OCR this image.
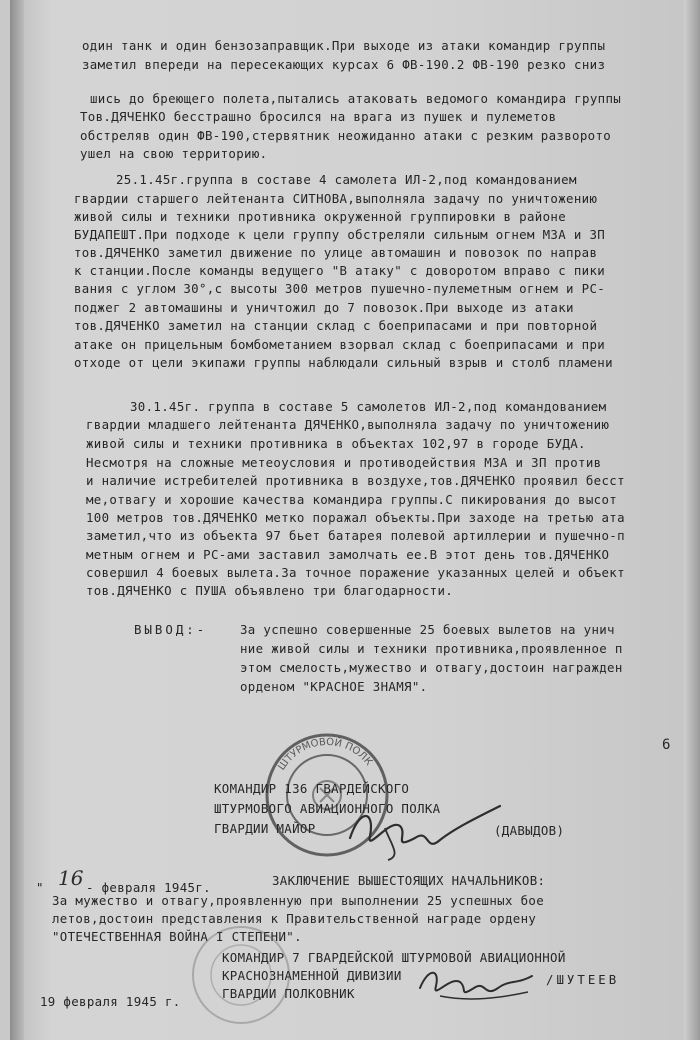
один танк и один бензозаправщик.При выходе из атаки командир группы
заметил впереди на пересекающих курсах 6 ФВ-190.2 ФВ-190 резко сниз
шись до бреющего полета,пытались атаковать ведомого командира группы
Тов.ДЯЧЕНКО бесстрашно бросился на врага из пушек и пулеметов
обстреляв один ФВ-190,стервятник неожиданно атаки с резким разворото
ушел на свою территорию.
25.1.45г.группа в составе 4 самолета ИЛ-2,под командованием
гвардии старшего лейтенанта СИТНОВА,выполняла задачу по уничтожению
живой силы и техники противника окруженной группировки в районе
БУДАПЕШТ.При подходе к цели группу обстреляли сильным огнем МЗА и ЗП
тов.ДЯЧЕНКО заметил движение по улице автомашин и повозок по направ
к станции.После команды ведущего "В атаку" с доворотом вправо с пики
вания с углом 30°,с высоты 300 метров пушечно-пулеметным огнем и РС-
поджег 2 автомашины и уничтожил до 7 повозок.При выходе из атаки
тов.ДЯЧЕНКО заметил на станции склад с боеприпасами и при повторной
атаке он прицельным бомбометанием взорвал склад с боеприпасами и при
отходе от цели экипажи группы наблюдали сильный взрыв и столб пламени
30.1.45г. группа в составе 5 самолетов ИЛ-2,под командованием
гвардии младшего лейтенанта ДЯЧЕНКО,выполняла задачу по уничтожению
живой силы и техники противника в объектах 102,97 в городе БУДА.
Несмотря на сложные метеоусловия и противодействия МЗА и ЗП против
и наличие истребителей противника в воздухе,тов.ДЯЧЕНКО проявил бесст
ме,отвагу и хорошие качества командира группы.С пикирования до высот
100 метров тов.ДЯЧЕНКО метко поражал объекты.При заходе на третью ата
заметил,что из объекта 97 бьет батарея полевой артиллерии и пушечно-п
метным огнем и РС-ами заставил замолчать ее.В этот день тов.ДЯЧЕНКО
совершил 4 боевых вылета.За точное поражение указанных целей и объект
тов.ДЯЧЕНКО с ПУША объявлено три благодарности.
ВЫВОД:-	За успешно совершенные 25 боевых вылетов на унич
ние живой силы и техники противника,проявленное п
этом смелость,мужество и отвагу,достоин награжден
орденом "КРАСНОЕ ЗНАМЯ".
6
ШТУРМОВОЙ ПОЛК
КОМАНДИР 136 ГВАРДЕЙСКОГО
ШТУРМОВОГО АВИАЦИОННОГО ПОЛКА
ГВАРДИИ МАЙОР	(ДАВЫДОВ)
" 16 - февраля 1945г.	ЗАКЛЮЧЕНИЕ ВЫШЕСТОЯЩИХ НАЧАЛЬНИКОВ:
За мужество и отвагу,проявленную при выполнении 25 успешных бое
летов,достоин представления к Правительственной награде ордену
"ОТЕЧЕСТВЕННАЯ ВОЙНА I СТЕПЕНИ".
КОМАНДИР 7 ГВАРДЕЙСКОЙ ШТУРМОВОЙ АВИАЦИОННОЙ
КРАСНОЗНАМЕННОЙ ДИВИЗИИ
ГВАРДИИ ПОЛКОВНИК
/ШУТЕЕВ
19 февраля 1945 г.
